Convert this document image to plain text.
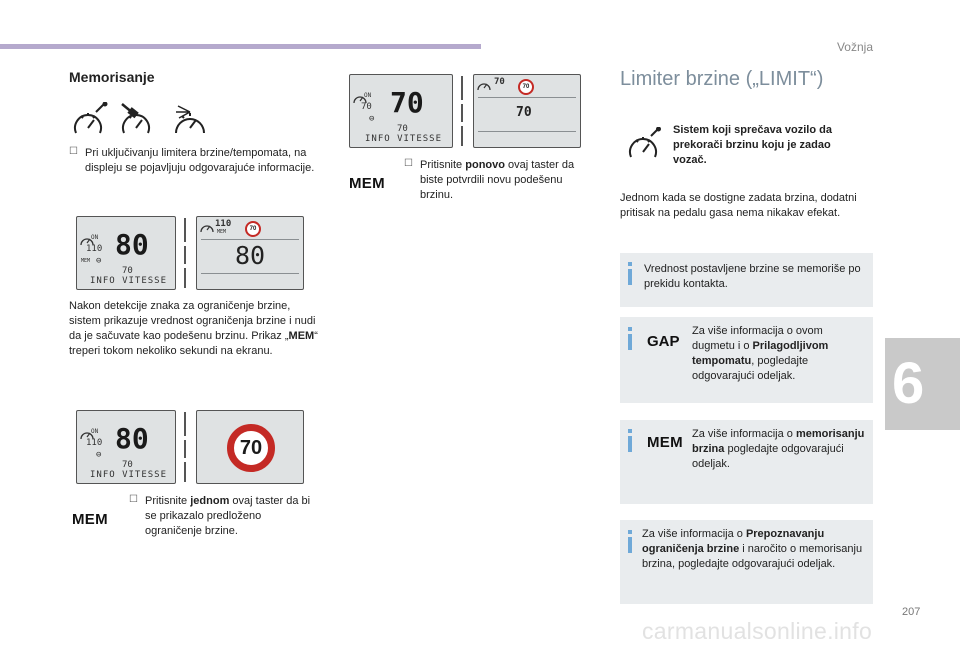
Vožnja
6
207
carmanualsonline.info
Memorisanje
☐ Pri uključivanju limitera brzine/tempomata, na displeju se pojavljuju odgovarajuće informacije.

ON
110 80
MEM ⊖
70
INFO VITESSE
110
MEM	70
80

Nakon detekcije znaka za ograničenje brzine, sistem prikazuje vrednost ograničenja brzine i nudi da je sačuvate kao podešenu brzinu. Prikaz „MEM“ treperi tokom nekoliko sekundi na ekranu.

ON
110 80
⊖
70
INFO VITESSE
70
☐ Pritisnite jednom ovaj taster da bi se prikazalo predloženo ograničenje brzine.

MEM
ON
70 70
⊖
70
INFO VITESSE
70	70
70
☐ Pritisnite ponovo ovaj taster da biste potvrdili novu podešenu brzinu.

MEM
Limiter brzine („LIMIT“)

Sistem koji sprečava vozilo da prekorači brzinu koju je zadao vozač.

Jednom kada se dostigne zadata brzina, dodatni pritisak na pedalu gasa nema nikakav efekat.

Vrednost postavljene brzine se memoriše po prekidu kontakta.

GAP

Za više informacija o ovom dugmetu i o Prilagodljivom tempomatu, pogledajte odgovarajući odeljak.

MEM Za više informacija o memorisanju brzina pogledajte odgovarajući odeljak.

Za više informacija o Prepoznavanju ograničenja brzine i naročito o memorisanju brzina, pogledajte odgovarajući odeljak.
